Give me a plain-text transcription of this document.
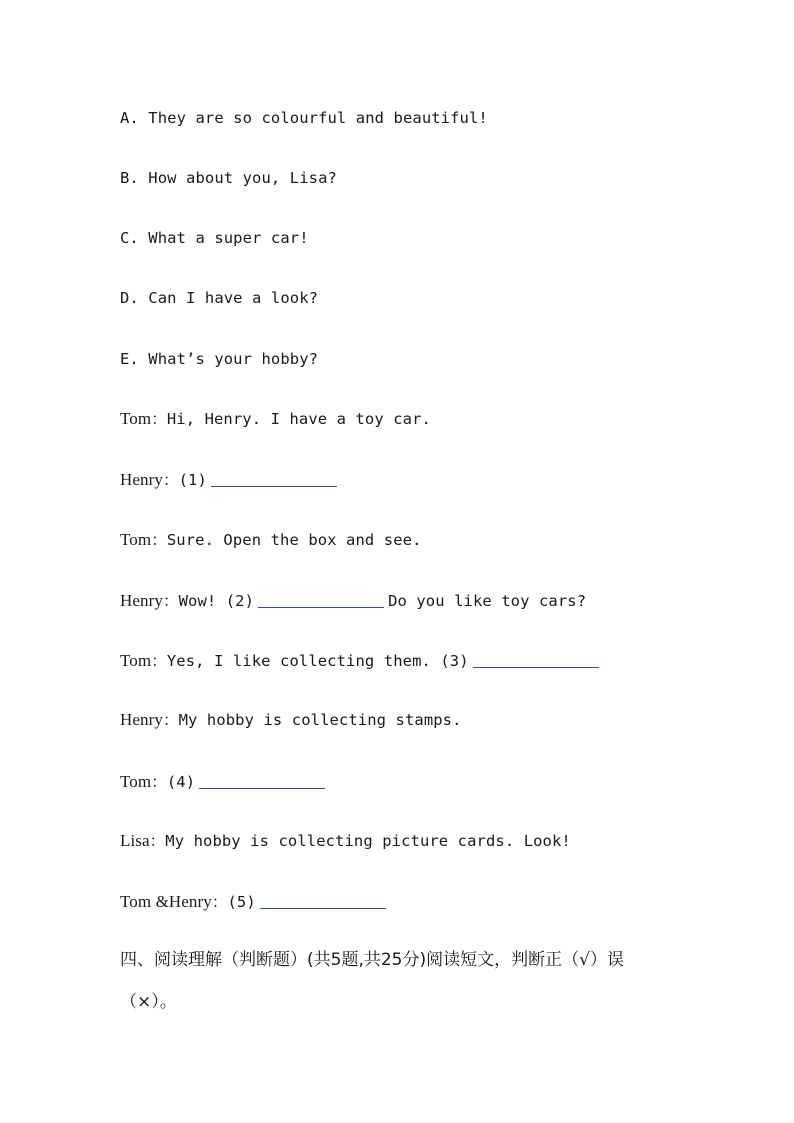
A. They are so colourful and beautiful!
B. How about you, Lisa?
C. What a super car!
D. Can I have a look?
E. What’s your hobby?
Tom：Hi, Henry. I have a toy car.
Henry：(1)
Tom：Sure. Open the box and see.
Henry：Wow! (2)	Do you like toy cars?
Tom：Yes, I like collecting them. (3)
Henry：My hobby is collecting stamps.
Tom：(4)
Lisa：My hobby is collecting picture cards. Look!
Tom &Henry：(5)
四、阅读理解（判断题）(共5题,共25分)阅读短文，判断正（√）误（×）。
